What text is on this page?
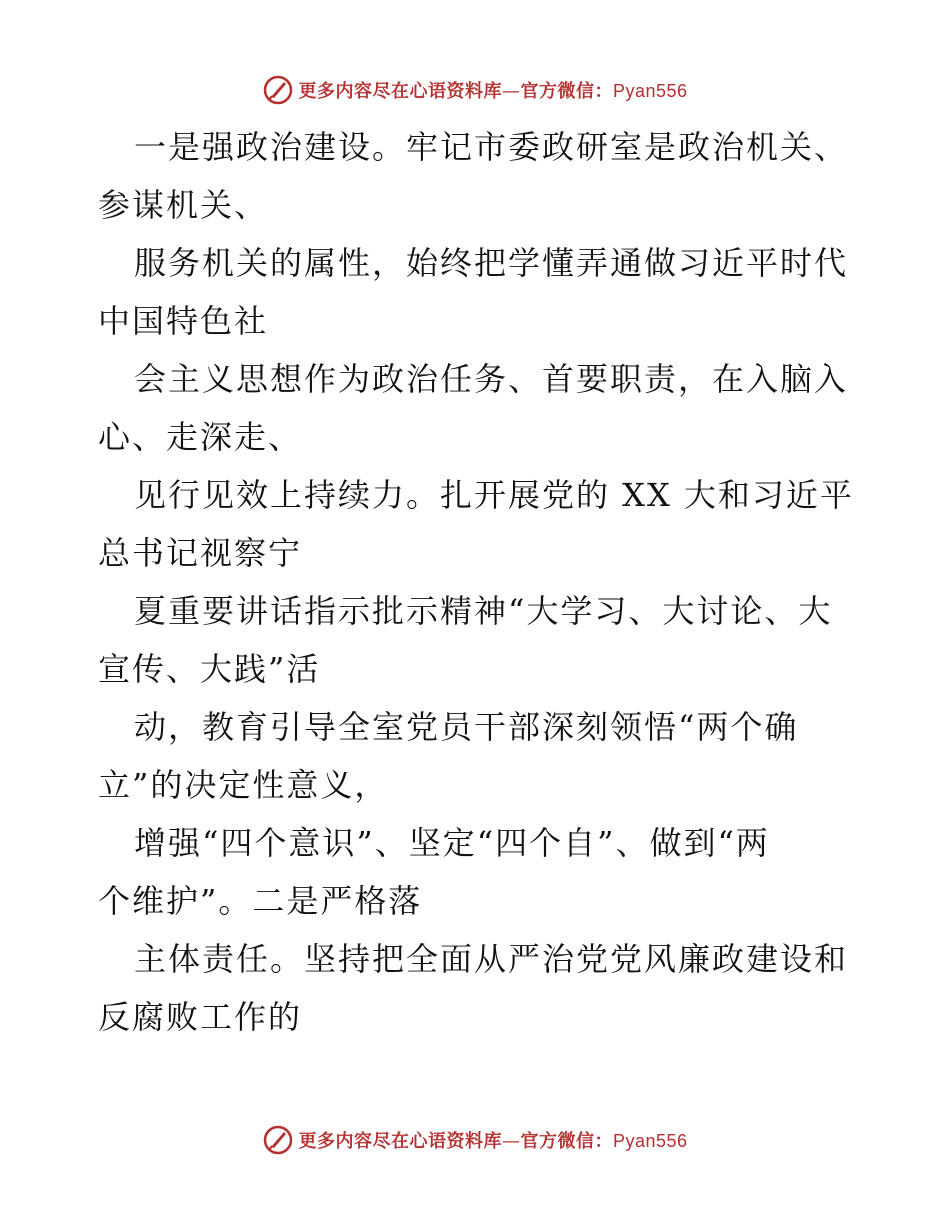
更多内容尽在心语资料库—官方微信：Pyan556
一是强政治建设。牢记市委政研室是政治机关、
参谋机关、
服务机关的属性，始终把学懂弄通做习近平时代
中国特色社
会主义思想作为政治任务、首要职责，在入脑入
心、走深走、
见行见效上持续力。扎开展党的 XX 大和习近平
总书记视察宁
夏重要讲话指示批示精神“大学习、大讨论、大
宣传、大践”活
动，教育引导全室党员干部深刻领悟“两个确
立”的决定性意义，
增强“四个意识”、坚定“四个自”、做到“两
个维护”。二是严格落
主体责任。坚持把全面从严治党党风廉政建设和
反腐败工作的
更多内容尽在心语资料库—官方微信：Pyan556
